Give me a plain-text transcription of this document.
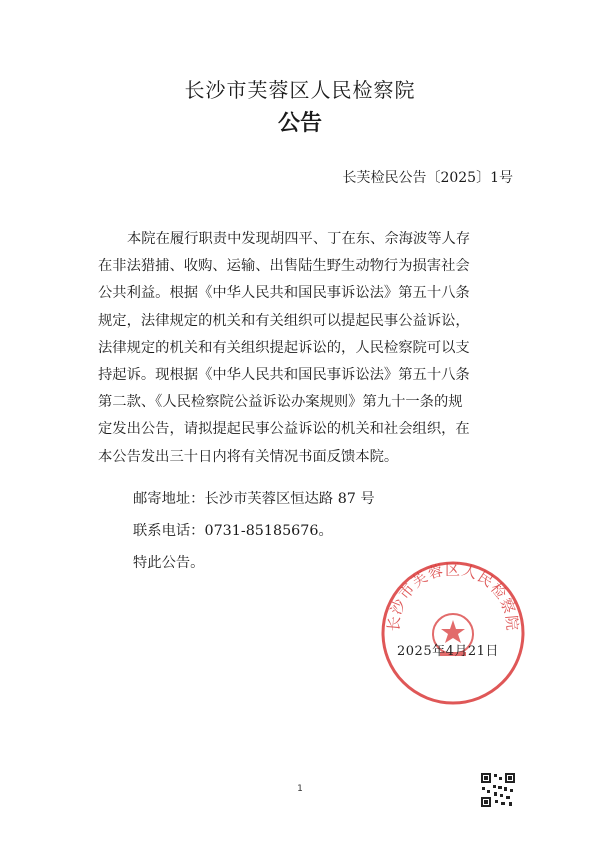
长沙市芙蓉区人民检察院
公告
长芙检民公告〔2025〕1号
本院在履行职责中发现胡四平、丁在东、佘海波等人存
在非法猎捕、收购、运输、出售陆生野生动物行为损害社会
公共利益。根据《中华人民共和国民事诉讼法》第五十八条
规定，法律规定的机关和有关组织可以提起民事公益诉讼，
法律规定的机关和有关组织提起诉讼的，人民检察院可以支
持起诉。现根据《中华人民共和国民事诉讼法》第五十八条
第二款、《人民检察院公益诉讼办案规则》第九十一条的规
定发出公告，请拟提起民事公益诉讼的机关和社会组织，在
本公告发出三十日内将有关情况书面反馈本院。
邮寄地址：长沙市芙蓉区恒达路 87 号
联系电话：0731-85185676。
特此公告。
长沙市芙蓉区人民检察院
2025年4月21日
1
